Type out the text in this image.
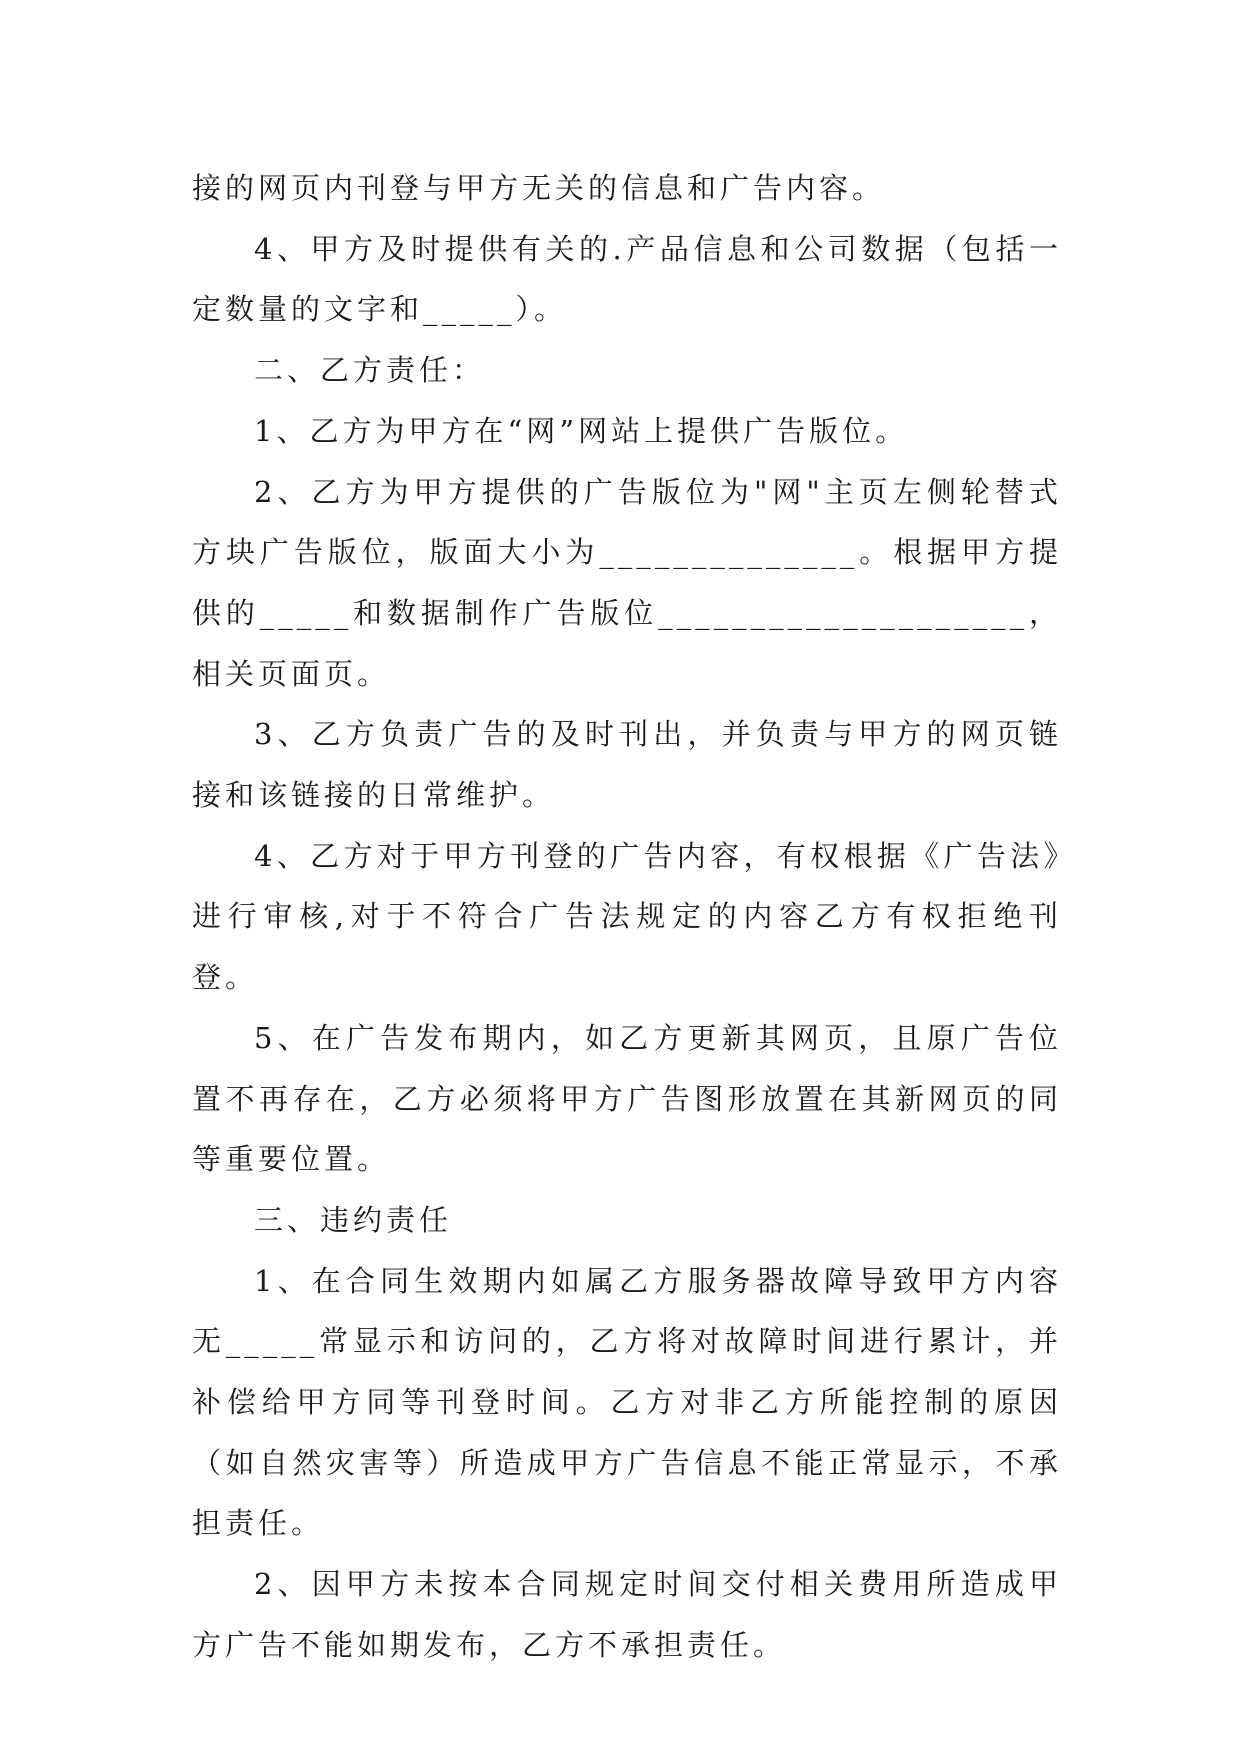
接的网页内刊登与甲方无关的信息和广告内容。

4、甲方及时提供有关的.产品信息和公司数据（包括一定数量的文字和_____）。

二、乙方责任：

1、乙方为甲方在“网”网站上提供广告版位。

2、乙方为甲方提供的广告版位为"网"主页左侧轮替式方块广告版位，版面大小为______________。根据甲方提供的_____和数据制作广告版位____________________，相关页面页。

3、乙方负责广告的及时刊出，并负责与甲方的网页链接和该链接的日常维护。

4、乙方对于甲方刊登的广告内容，有权根据《广告法》进行审核,对于不符合广告法规定的内容乙方有权拒绝刊登。

5、在广告发布期内，如乙方更新其网页，且原广告位置不再存在，乙方必须将甲方广告图形放置在其新网页的同等重要位置。

三、违约责任

1、在合同生效期内如属乙方服务器故障导致甲方内容无_____常显示和访问的，乙方将对故障时间进行累计，并补偿给甲方同等刊登时间。乙方对非乙方所能控制的原因（如自然灾害等）所造成甲方广告信息不能正常显示，不承担责任。

2、因甲方未按本合同规定时间交付相关费用所造成甲方广告不能如期发布，乙方不承担责任。
